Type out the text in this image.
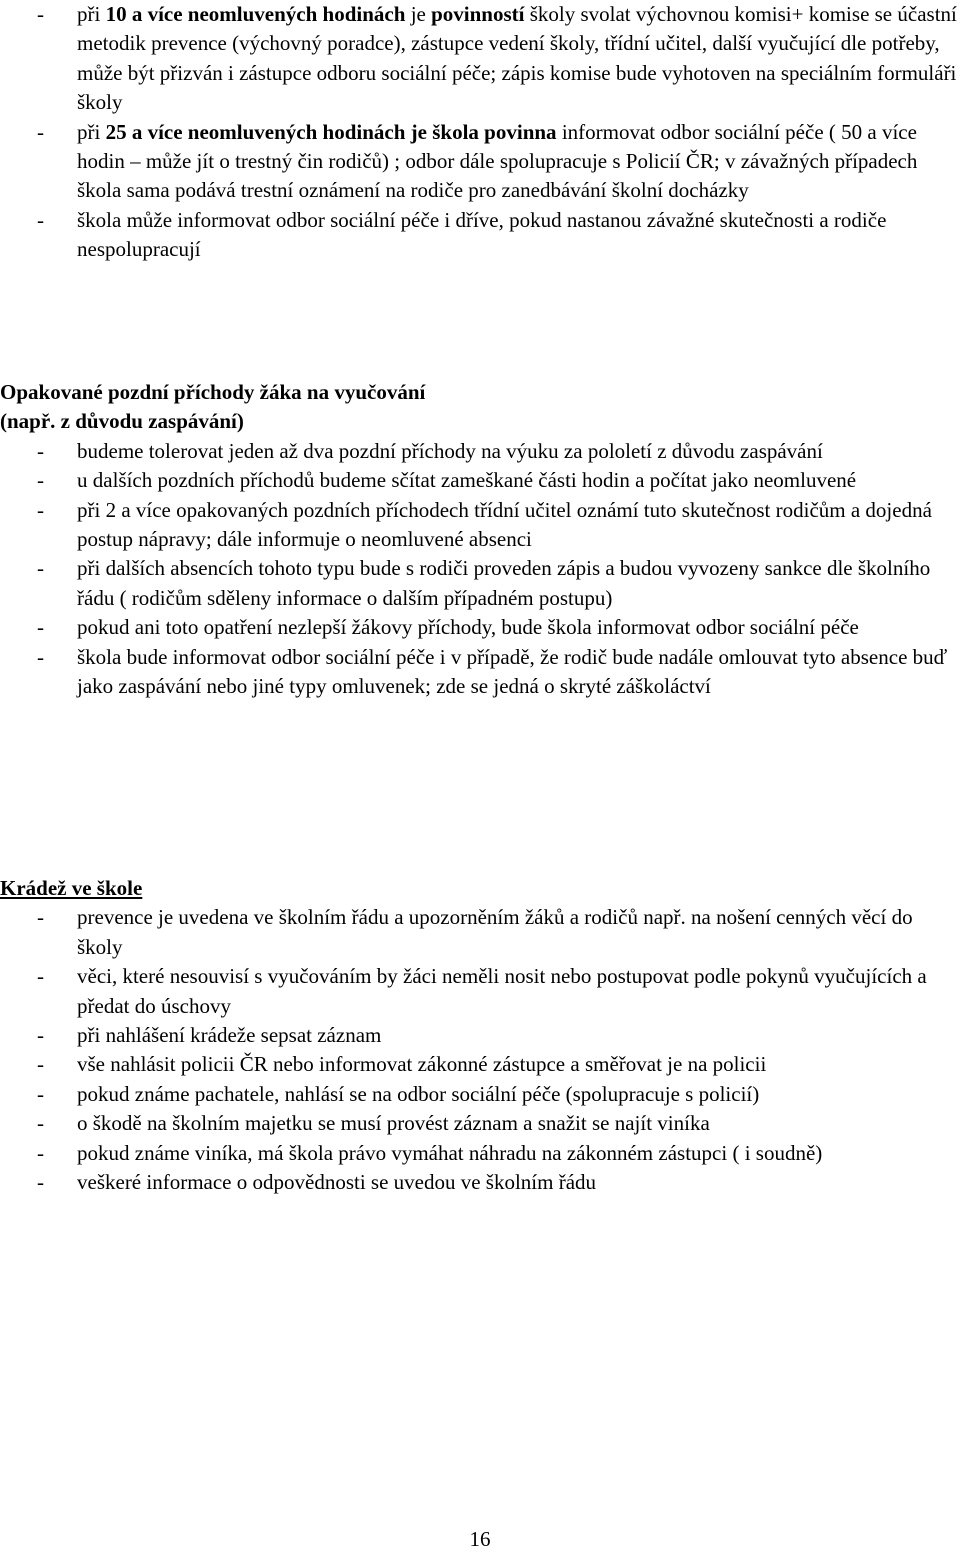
- při 10 a více neomluvených hodinách je povinností školy svolat výchovnou komisi+ komise se účastní metodik prevence (výchovný poradce), zástupce vedení školy, třídní učitel, další vyučující dle potřeby, může být přizván i zástupce odboru sociální péče; zápis komise bude vyhotoven na speciálním formuláři školy

- při 25 a více neomluvených hodinách je škola povinna informovat odbor sociální péče ( 50 a více hodin – může jít o trestný čin rodičů) ; odbor dále spolupracuje s Policií ČR; v závažných případech škola sama podává trestní oznámení na rodiče pro zanedbávání školní docházky

- škola může informovat odbor sociální péče i dříve, pokud nastanou závažné skutečnosti a rodiče nespolupracují

Opakované pozdní příchody žáka na vyučování
(např. z důvodu zaspávání)

- budeme tolerovat jeden až dva pozdní příchody na výuku za pololetí z důvodu zaspávání

- u dalších pozdních příchodů budeme sčítat zameškané části hodin a počítat jako neomluvené

- při 2 a více opakovaných pozdních příchodech třídní učitel oznámí tuto skutečnost rodičům a dojedná postup nápravy; dále informuje o neomluvené absenci

- při dalších absencích tohoto typu bude s rodiči proveden zápis a budou vyvozeny sankce dle školního řádu ( rodičům sděleny informace o dalším případném postupu)

- pokud ani toto opatření nezlepší žákovy příchody, bude škola informovat odbor sociální péče

- škola bude informovat odbor sociální péče i v případě, že rodič bude nadále omlouvat tyto absence buď jako zaspávání nebo jiné typy omluvenek; zde se jedná o skryté záškoláctví

Krádež ve škole

- prevence je uvedena ve školním řádu a upozorněním žáků a rodičů např. na nošení cenných věcí do školy

- věci, které nesouvisí s vyučováním by žáci neměli nosit nebo postupovat podle pokynů vyučujících a předat do úschovy

- při nahlášení krádeže sepsat záznam

- vše nahlásit policii ČR nebo informovat zákonné zástupce a směřovat je na policii

- pokud známe pachatele, nahlásí se na odbor sociální péče (spolupracuje s policií)

- o škodě na školním majetku se musí provést záznam a snažit se najít viníka

- pokud známe viníka, má škola právo vymáhat náhradu na zákonném zástupci ( i soudně)

- veškeré informace o odpovědnosti se uvedou ve školním řádu

16
